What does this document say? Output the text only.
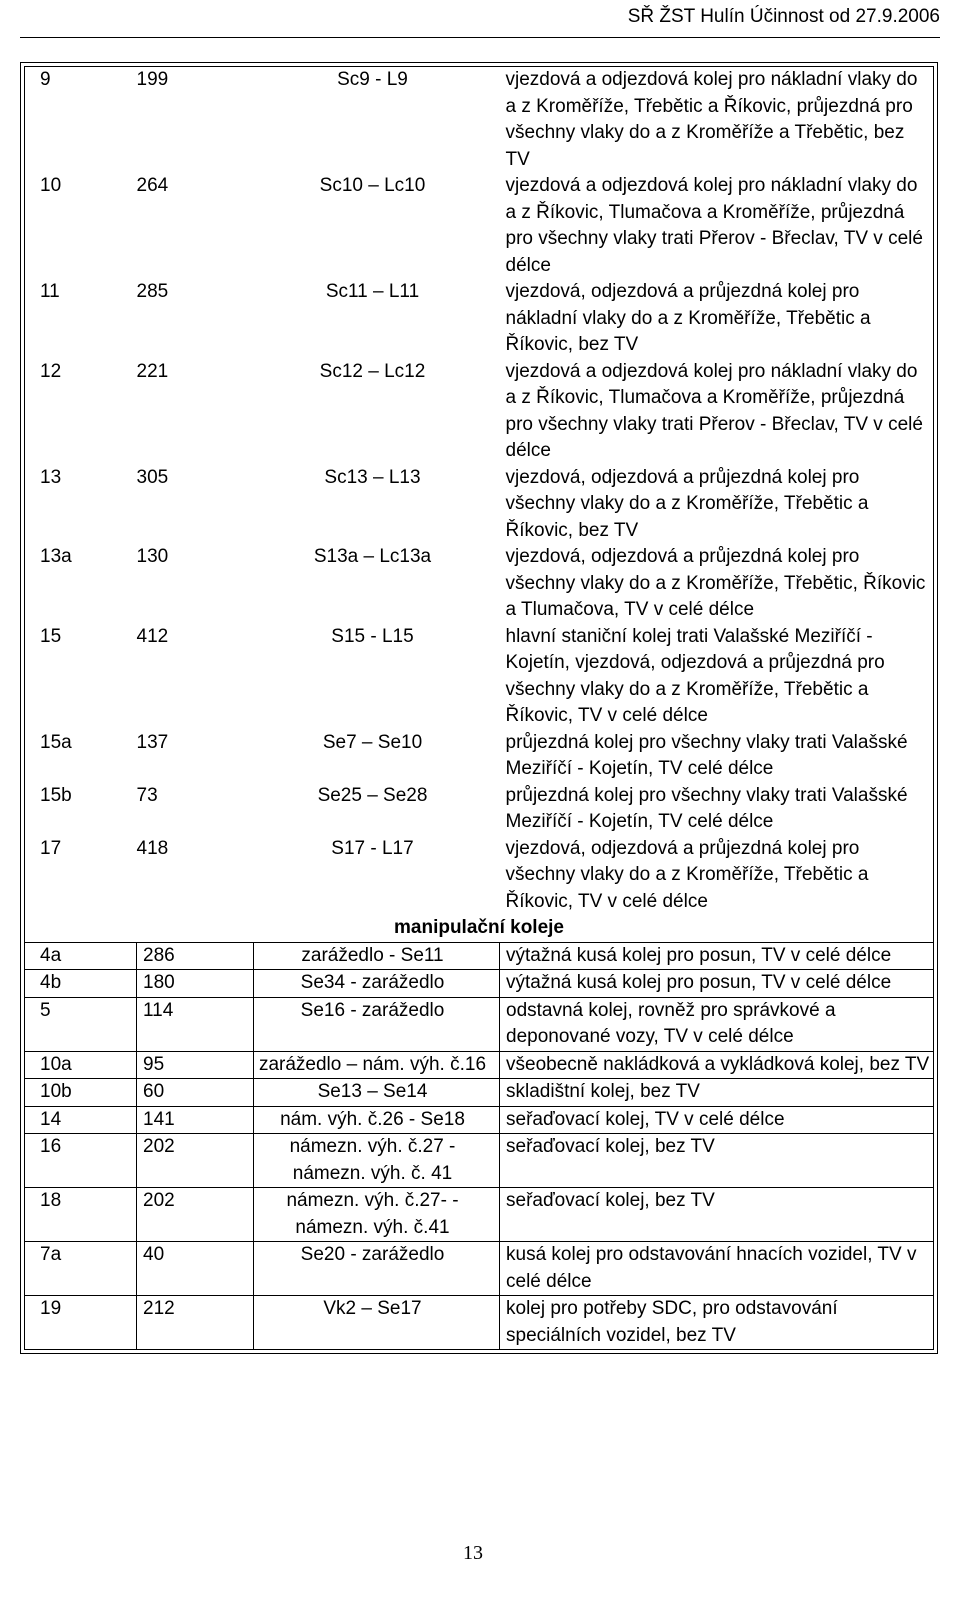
SŘ ŽST Hulín Účinnost od 27.9.2006
9	199	Sc9 - L9	vjezdová a odjezdová kolej pro nákladní vlaky do a z Kroměříže, Třebětic a Říkovic, průjezdná pro všechny vlaky do a z Kroměříže a Třebětic, bez TV
10	264	Sc10 – Lc10	vjezdová a odjezdová kolej pro nákladní vlaky do a z Říkovic, Tlumačova a Kroměříže, průjezdná pro všechny vlaky trati Přerov - Břeclav, TV v celé délce
11	285	Sc11 – L11	vjezdová, odjezdová a průjezdná kolej pro nákladní vlaky do a z Kroměříže, Třebětic a Říkovic, bez TV
12	221	Sc12 – Lc12	vjezdová a odjezdová kolej pro nákladní vlaky do a z Říkovic, Tlumačova a Kroměříže, průjezdná pro všechny vlaky trati Přerov - Břeclav, TV v celé délce
13	305	Sc13 – L13	vjezdová, odjezdová a průjezdná kolej pro všechny vlaky do a z Kroměříže, Třebětic a Říkovic, bez TV
13a	130	S13a – Lc13a	vjezdová, odjezdová a průjezdná kolej pro všechny vlaky do a z Kroměříže, Třebětic, Říkovic a Tlumačova, TV v celé délce
15	412	S15 - L15	hlavní staniční kolej trati Valašské Meziříčí - Kojetín, vjezdová, odjezdová a průjezdná pro všechny vlaky do a z Kroměříže, Třebětic a Říkovic, TV v celé délce
15a	137	Se7 – Se10	průjezdná kolej pro všechny vlaky trati Valašské Meziříčí - Kojetín, TV celé délce
15b	73	Se25 – Se28	průjezdná kolej pro všechny vlaky trati Valašské Meziříčí - Kojetín, TV celé délce
17	418	S17 - L17	vjezdová, odjezdová a průjezdná kolej pro všechny vlaky do a z Kroměříže, Třebětic a Říkovic, TV v celé délce
manipulační koleje			
4a	286	zarážedlo - Se11	výtažná kusá kolej pro posun, TV v celé délce
4b	180	Se34 - zarážedlo	výtažná kusá kolej pro posun, TV v celé délce
5	114	Se16 - zarážedlo	odstavná kolej, rovněž pro správkové a deponované vozy, TV v celé délce
10a	95	zarážedlo – nám. výh. č.16	všeobecně nakládková a vykládková kolej, bez TV
10b	60	Se13 – Se14	skladištní kolej, bez TV
14	141	nám. výh. č.26 - Se18	seřaďovací kolej, TV v celé délce
16	202	námezn. výh. č.27 - námezn. výh. č. 41	seřaďovací kolej, bez TV
18	202	námezn. výh. č.27- - námezn. výh. č.41	seřaďovací kolej, bez TV
7a	40	Se20 - zarážedlo	kusá kolej pro odstavování hnacích vozidel, TV v celé délce
19	212	Vk2 – Se17	kolej pro potřeby SDC, pro odstavování speciálních vozidel, bez TV
13
